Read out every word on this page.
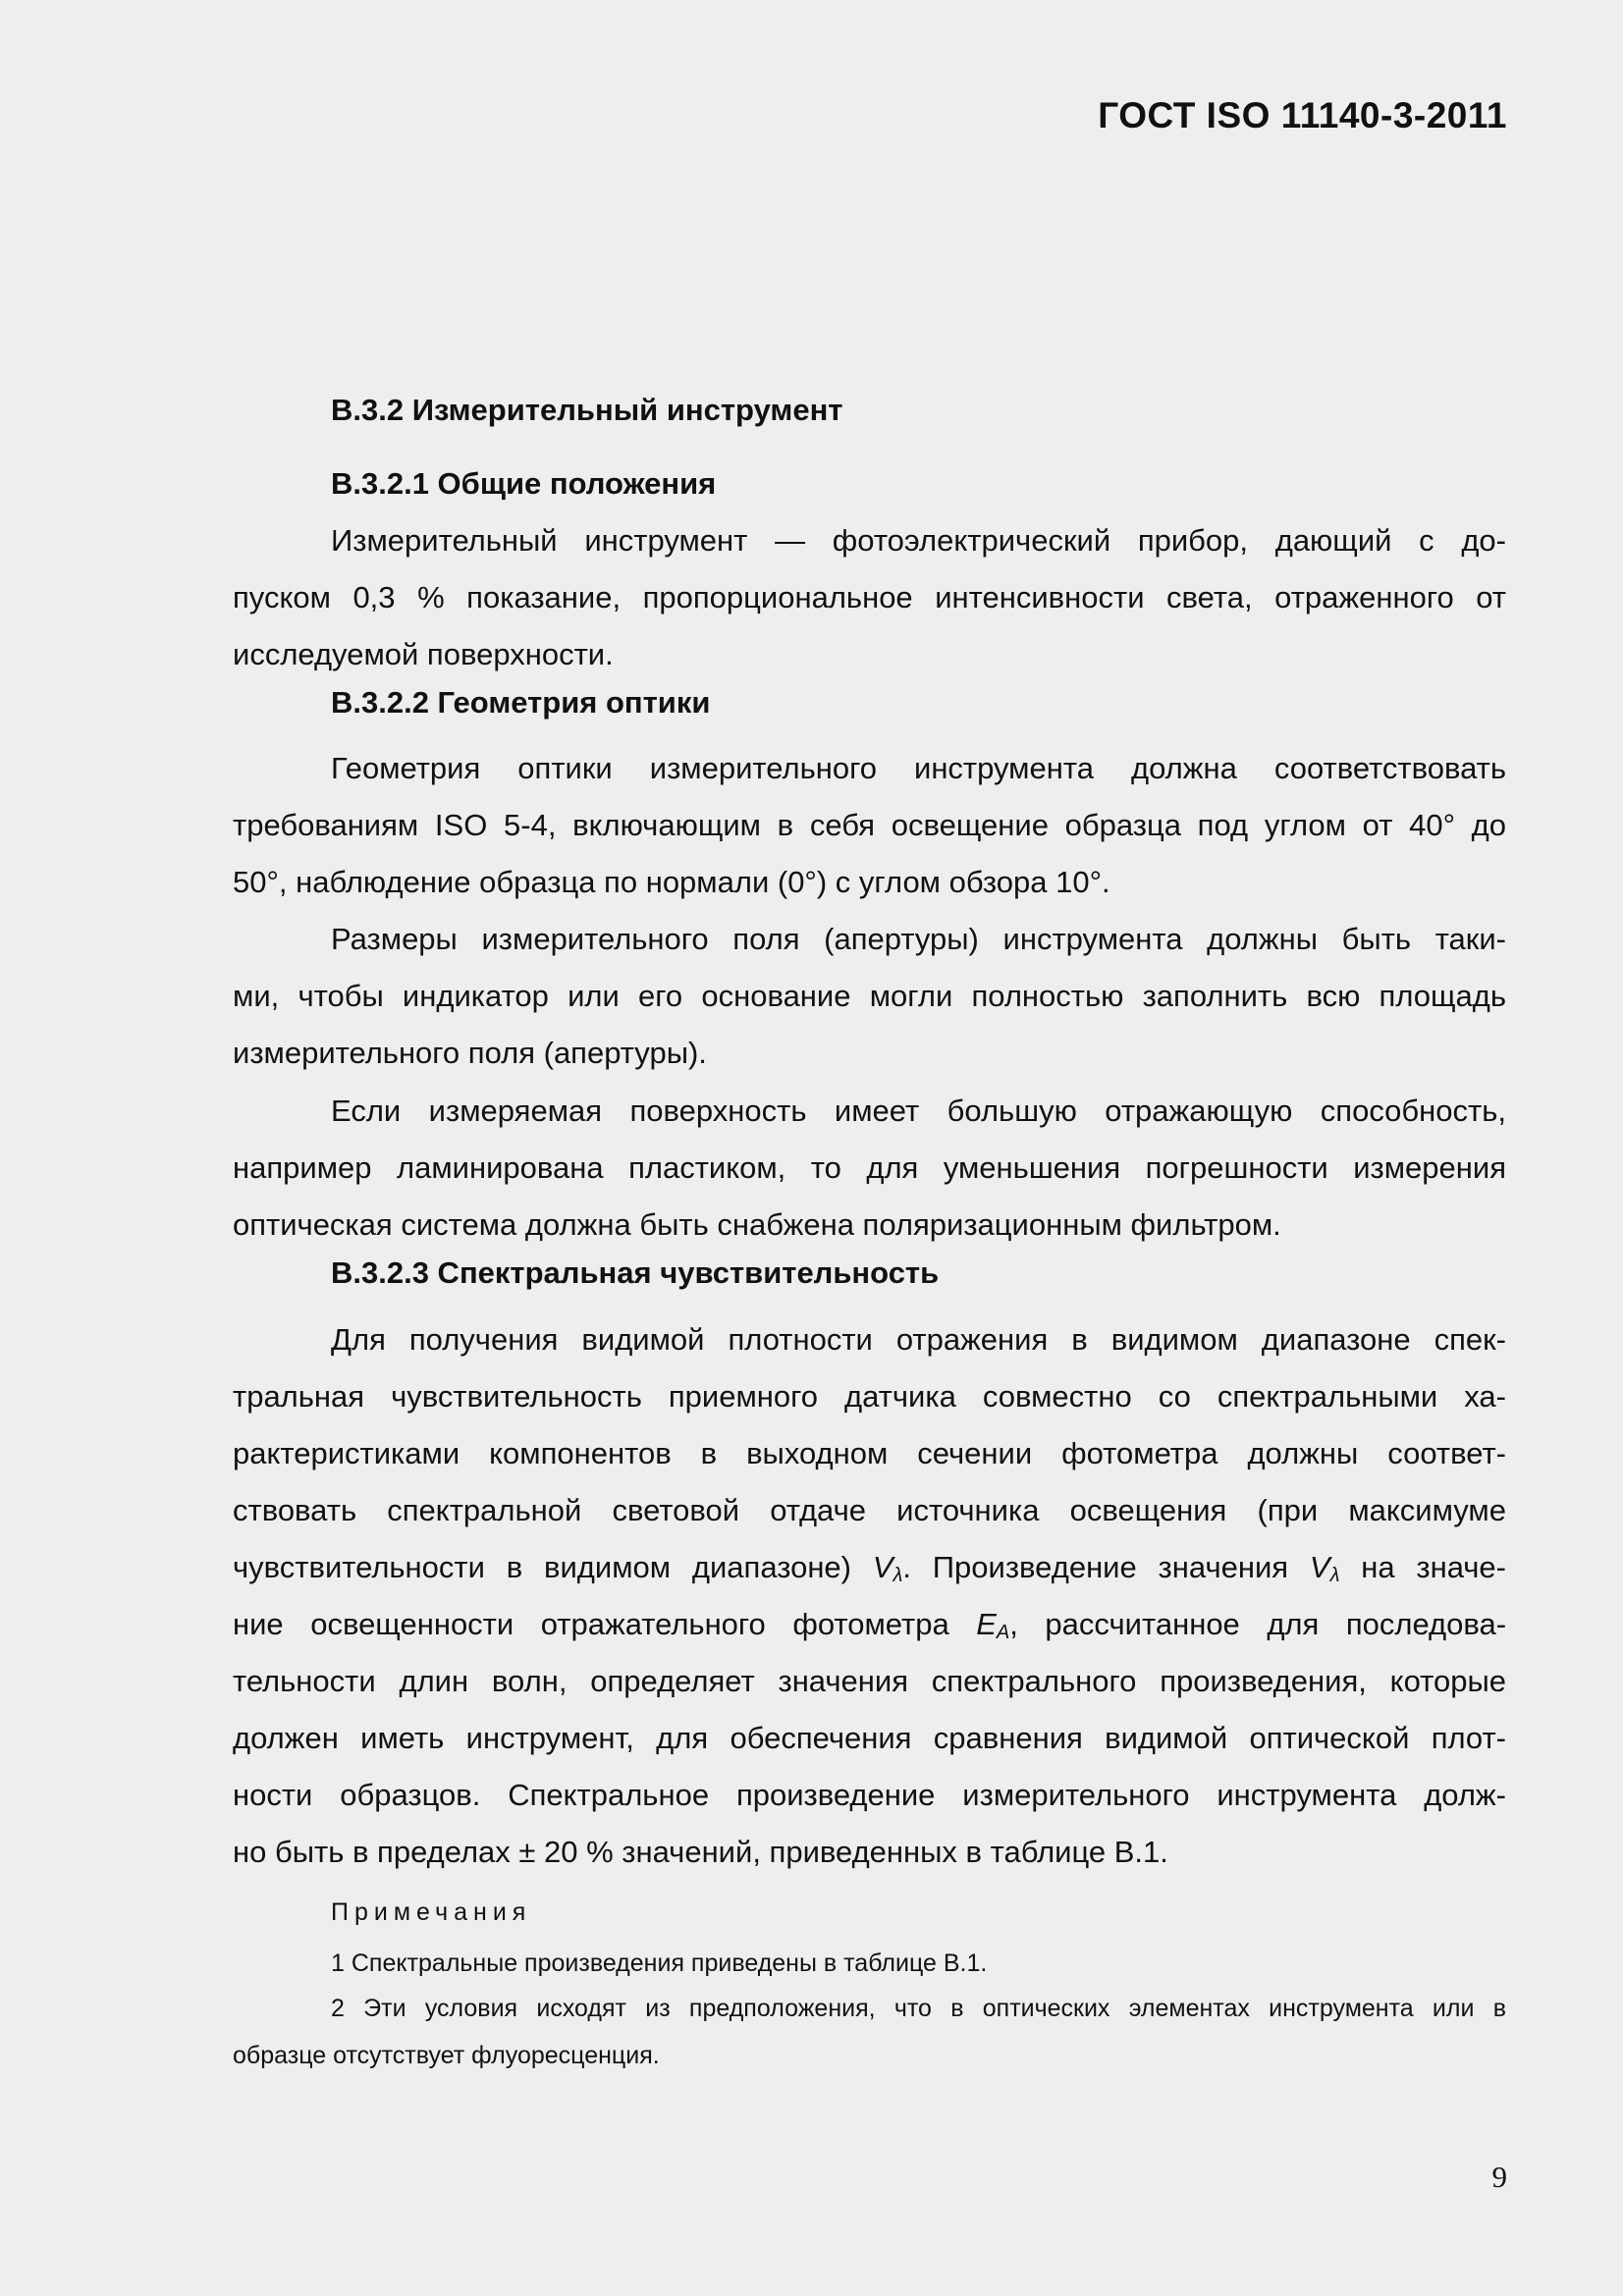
ГОСТ ISO 11140-3-2011
B.3.2 Измерительный инструмент
B.3.2.1 Общие положения
Измерительный инструмент — фотоэлектрический прибор, дающий с до-
пуском 0,3 % показание, пропорциональное интенсивности света, отраженного от
исследуемой поверхности.
B.3.2.2 Геометрия оптики
Геометрия оптики измерительного инструмента должна соответствовать
требованиям ISO 5-4, включающим в себя освещение образца под углом от 40° до
50°, наблюдение образца по нормали (0°) с углом обзора 10°.
Размеры измерительного поля (апертуры) инструмента должны быть таки-
ми, чтобы индикатор или его основание могли полностью заполнить всю площадь
измерительного поля (апертуры).
Если измеряемая поверхность имеет большую отражающую способность,
например ламинирована пластиком, то для уменьшения погрешности измерения
оптическая система должна быть снабжена поляризационным фильтром.
B.3.2.3 Спектральная чувствительность
Для получения видимой плотности отражения в видимом диапазоне спек-
тральная чувствительность приемного датчика совместно со спектральными ха-
рактеристиками компонентов в выходном сечении фотометра должны соответ-
ствовать спектральной световой отдаче источника освещения (при максимуме
чувствительности в видимом диапазоне) $V_\lambda$. Произведение значения $V_\lambda$ на значе-
ние освещенности отражательного фотометра $E_A$, рассчитанное для последова-
тельности длин волн, определяет значения спектрального произведения, которые
должен иметь инструмент, для обеспечения сравнения видимой оптической плот-
ности образцов. Спектральное произведение измерительного инструмента долж-
но быть в пределах ± 20 % значений, приведенных в таблице B.1.
Примечания
1 Спектральные произведения приведены в таблице B.1.
2 Эти условия исходят из предположения, что в оптических элементах инструмента или в
образце отсутствует флуоресценция.
9
